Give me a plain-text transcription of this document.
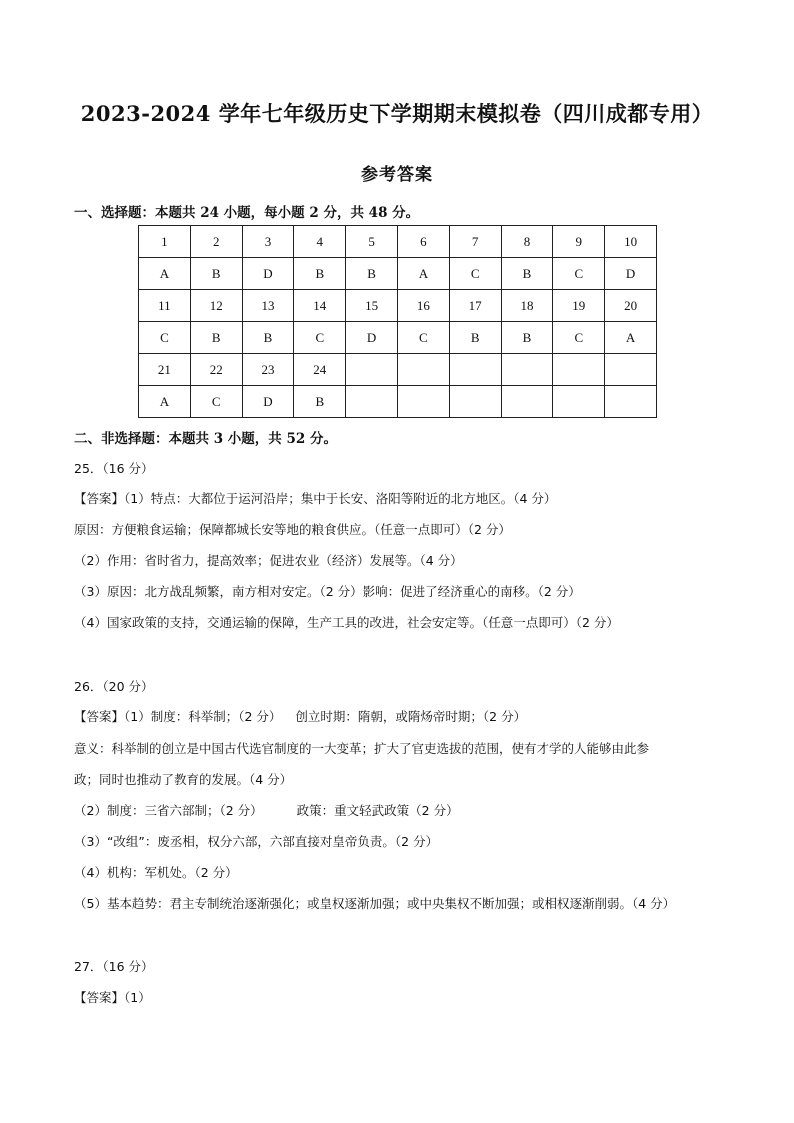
2023-2024 学年七年级历史下学期期末模拟卷（四川成都专用）
参考答案
一、选择题：本题共 24 小题，每小题 2 分，共 48 分。
1	2	3	4	5	6	7	8	9	10
A	B	D	B	B	A	C	B	C	D
11	12	13	14	15	16	17	18	19	20
C	B	B	C	D	C	B	B	C	A
21	22	23	24						
A	C	D	B						
二、非选择题：本题共 3 小题，共 52 分。
25．（16 分）
【答案】（1）特点：大都位于运河沿岸；集中于长安、洛阳等附近的北方地区。（4 分）
原因：方便粮食运输；保障都城长安等地的粮食供应。（任意一点即可）（2 分）
（2）作用：省时省力，提高效率；促进农业（经济）发展等。（4 分）
（3）原因：北方战乱频繁，南方相对安定。（2 分）影响：促进了经济重心的南移。（2 分）
（4）国家政策的支持，交通运输的保障，生产工具的改进，社会安定等。（任意一点即可）（2 分）
26．（20 分）
【答案】（1）制度：科举制；（2 分） 创立时期：隋朝，或隋炀帝时期；（2 分）
意义：科举制的创立是中国古代选官制度的一大变革；扩大了官吏选拔的范围，使有才学的人能够由此参
政；同时也推动了教育的发展。（4 分）
（2）制度：三省六部制；（2 分）	政策：重文轻武政策（2 分）
（3）“改组”：废丞相，权分六部，六部直接对皇帝负责。（2 分）
（4）机构：军机处。（2 分）
（5）基本趋势：君主专制统治逐渐强化；或皇权逐渐加强；或中央集权不断加强；或相权逐渐削弱。（4 分）
27．（16 分）
【答案】（1）
